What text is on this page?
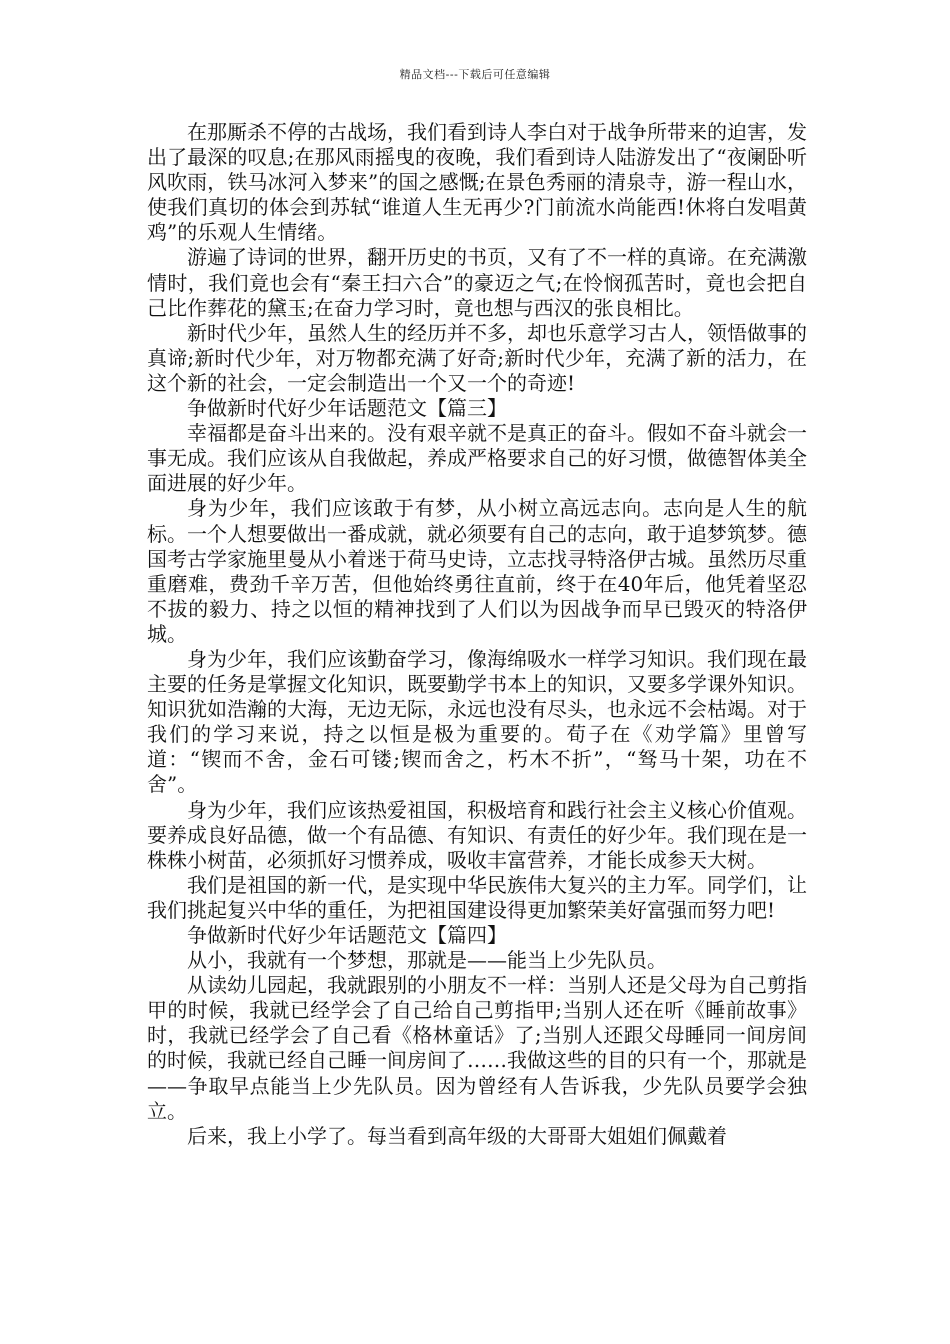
精品文档---下载后可任意编辑

在那厮杀不停的古战场，我们看到诗人李白对于战争所带来的迫害，发出了最深的叹息;在那风雨摇曳的夜晚，我们看到诗人陆游发出了“夜阑卧听风吹雨，铁马冰河入梦来”的国之感慨;在景色秀丽的清泉寺，游一程山水，使我们真切的体会到苏轼“谁道人生无再少?门前流水尚能西!休将白发唱黄鸡”的乐观人生情绪。

游遍了诗词的世界，翻开历史的书页，又有了不一样的真谛。在充满激情时，我们竟也会有“秦王扫六合”的豪迈之气;在怜悯孤苦时，竟也会把自己比作葬花的黛玉;在奋力学习时，竟也想与西汉的张良相比。

新时代少年，虽然人生的经历并不多，却也乐意学习古人，领悟做事的真谛;新时代少年，对万物都充满了好奇;新时代少年，充满了新的活力，在这个新的社会，一定会制造出一个又一个的奇迹!

争做新时代好少年话题范文【篇三】

幸福都是奋斗出来的。没有艰辛就不是真正的奋斗。假如不奋斗就会一事无成。我们应该从自我做起，养成严格要求自己的好习惯，做德智体美全面进展的好少年。

身为少年，我们应该敢于有梦，从小树立高远志向。志向是人生的航标。一个人想要做出一番成就，就必须要有自己的志向，敢于追梦筑梦。德国考古学家施里曼从小着迷于荷马史诗，立志找寻特洛伊古城。虽然历尽重重磨难，费劲千辛万苦，但他始终勇往直前，终于在40年后，他凭着坚忍不拔的毅力、持之以恒的精神找到了人们以为因战争而早已毁灭的特洛伊城。

身为少年，我们应该勤奋学习，像海绵吸水一样学习知识。我们现在最主要的任务是掌握文化知识，既要勤学书本上的知识，又要多学课外知识。知识犹如浩瀚的大海，无边无际，永远也没有尽头，也永远不会枯竭。对于我们的学习来说，持之以恒是极为重要的。荀子在《劝学篇》里曾写道：“锲而不舍，金石可镂;锲而舍之，朽木不折”，“驽马十架，功在不舍”。

身为少年，我们应该热爱祖国，积极培育和践行社会主义核心价值观。要养成良好品德，做一个有品德、有知识、有责任的好少年。我们现在是一株株小树苗，必须抓好习惯养成，吸收丰富营养，才能长成参天大树。

我们是祖国的新一代，是实现中华民族伟大复兴的主力军。同学们，让我们挑起复兴中华的重任，为把祖国建设得更加繁荣美好富强而努力吧!

争做新时代好少年话题范文【篇四】

从小，我就有一个梦想，那就是——能当上少先队员。

从读幼儿园起，我就跟别的小朋友不一样：当别人还是父母为自己剪指甲的时候，我就已经学会了自己给自己剪指甲;当别人还在听《睡前故事》时，我就已经学会了自己看《格林童话》了;当别人还跟父母睡同一间房间的时候，我就已经自己睡一间房间了……我做这些的目的只有一个，那就是——争取早点能当上少先队员。因为曾经有人告诉我，少先队员要学会独立。

后来，我上小学了。每当看到高年级的大哥哥大姐姐们佩戴着
